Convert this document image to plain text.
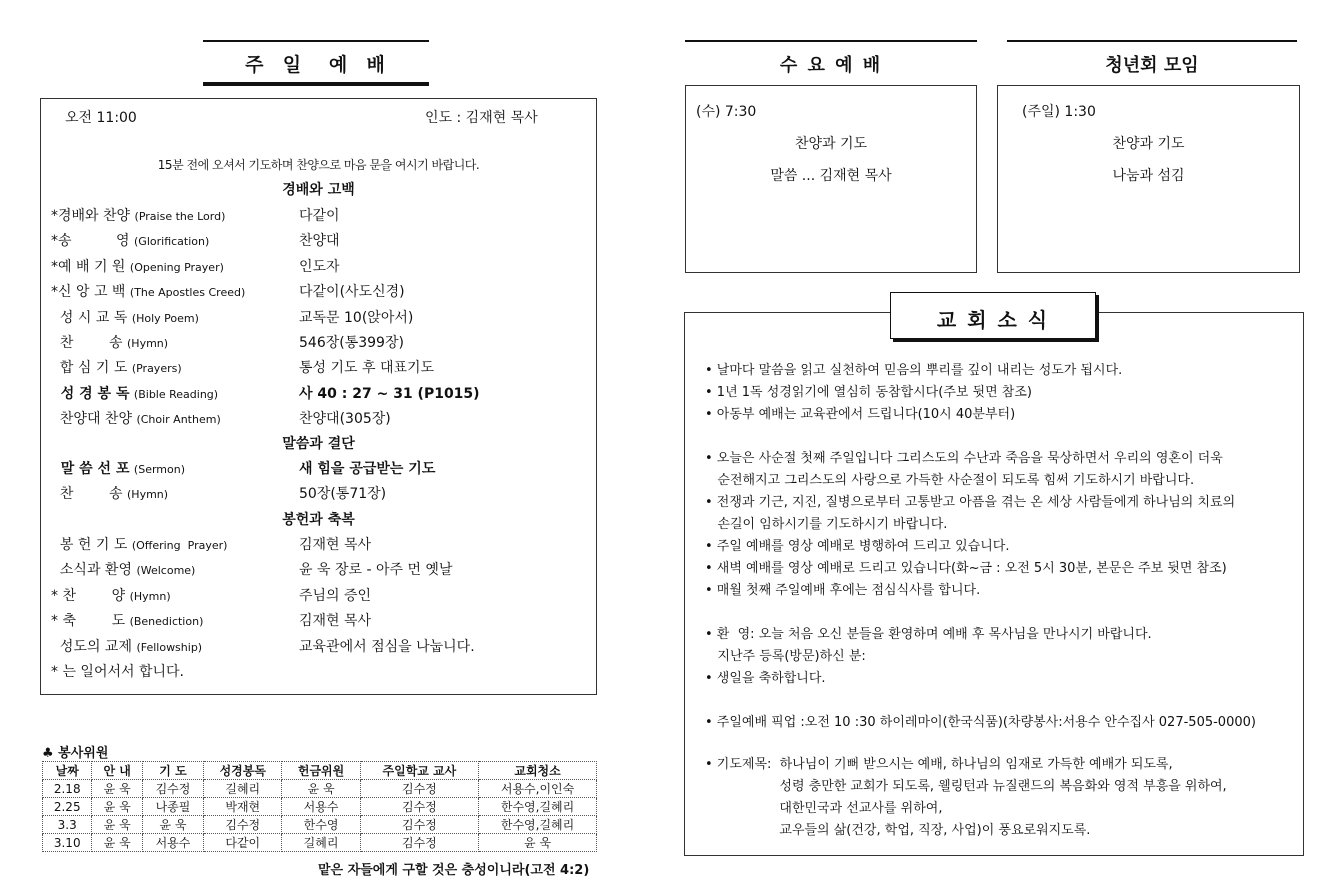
주  일   예  배
오전 11:00	인도 : 김재현 목사
15분 전에 오셔서 기도하며 찬양으로 마음 문을 여시기 바랍니다.
경배와 고백
*경배와 찬양 (Praise the Lord)	다같이
*송          영 (Glorification)	찬양대
*예 배 기 원 (Opening Prayer)	인도자
*신 앙 고 백 (The Apostles Creed)	다같이(사도신경)
성 시 교 독 (Holy Poem)	교독문 10(앉아서)
찬        송 (Hymn)	546장(통399장)
합 심 기 도 (Prayers)	통성 기도 후 대표기도
성 경 봉 독 (Bible Reading)	사 40 : 27 ~ 31 (P1015)
찬양대 찬양 (Choir Anthem)	찬양대(305장)
말씀과 결단
말 씀 선 포 (Sermon)	새 힘을 공급받는 기도
찬        송 (Hymn)	50장(통71장)
봉헌과 축복
봉 헌 기 도 (Offering  Prayer)	김재현 목사
소식과 환영 (Welcome)	윤 욱 장로 - 아주 먼 옛날
* 찬        양 (Hymn)	주님의 증인
* 축        도 (Benediction)	김재현 목사
성도의 교제 (Fellowship)	교육관에서 점심을 나눕니다.
* 는 일어서서 합니다.
♣ 봉사위원
날짜	안 내	기 도	성경봉독	헌금위원	주일학교 교사	교회청소
2.18	윤 욱	김수정	길혜리	윤 욱	김수정	서용수,이인숙
2.25	윤 욱	나종필	박재현	서용수	김수정	한수영,길혜리
3.3	윤 욱	윤 욱	김수정	한수영	김수정	한수영,길혜리
3.10	윤 욱	서용수	다같이	길혜리	김수정	윤 욱
맡은 자들에게 구할 것은 충성이니라(고전 4:2)
수 요 예 배
(수) 7:30
찬양과 기도
말씀 ... 김재현 목사
청년회 모임
(주일) 1:30
찬양과 기도
나눔과 섬김
• 날마다 말씀을 읽고 실천하여 믿음의 뿌리를 깊이 내리는 성도가 됩시다.
• 1년 1독 성경읽기에 열심히 동참합시다(주보 뒷면 참조)
• 아동부 예배는 교육관에서 드립니다(10시 40분부터)
• 오늘은 사순절 첫째 주일입니다 그리스도의 수난과 죽음을 묵상하면서 우리의 영혼이 더욱
순전해지고 그리스도의 사랑으로 가득한 사순절이 되도록 힘써 기도하시기 바랍니다.
• 전쟁과 기근, 지진, 질병으로부터 고통받고 아픔을 겪는 온 세상 사람들에게 하나님의 치료의
손길이 임하시기를 기도하시기 바랍니다.
• 주일 예배를 영상 예배로 병행하여 드리고 있습니다.
• 새벽 예배를 영상 예배로 드리고 있습니다(화~금 : 오전 5시 30분, 본문은 주보 뒷면 참조)
• 매월 첫째 주일예배 후에는 점심식사를 합니다.
• 환  영: 오늘 처음 오신 분들을 환영하며 예배 후 목사님을 만나시기 바랍니다.
지난주 등록(방문)하신 분:
• 생일을 축하합니다.
• 주일예배 픽업 :오전 10 :30 하이레마이(한국식품)(차량봉사:서용수 안수집사 027-505-0000)
• 기도제목:  하나님이 기뻐 받으시는 예배, 하나님의 임재로 가득한 예배가 되도록,
성령 충만한 교회가 되도록, 웰링턴과 뉴질랜드의 복음화와 영적 부흥을 위하여,
대한민국과 선교사를 위하여,
교우들의 삶(건강, 학업, 직장, 사업)이 풍요로워지도록.
교 회 소 식
